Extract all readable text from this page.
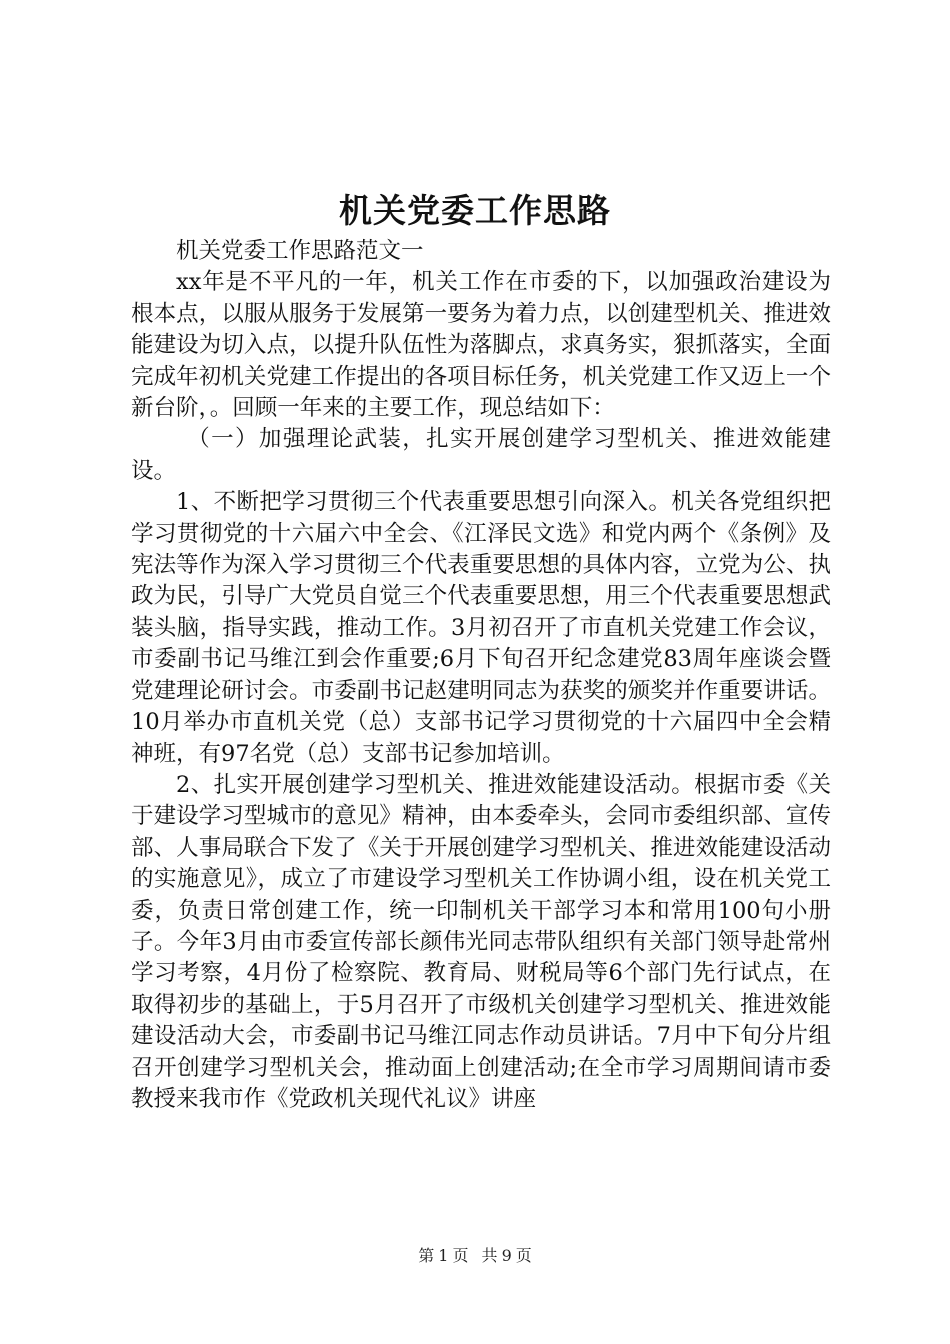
机关党委工作思路

机关党委工作思路范文一

xx年是不平凡的一年，机关工作在市委的下，以加强政治建设为根本点，以服从服务于发展第一要务为着力点，以创建型机关、推进效能建设为切入点，以提升队伍性为落脚点，求真务实，狠抓落实，全面完成年初机关党建工作提出的各项目标任务，机关党建工作又迈上一个新台阶，。回顾一年来的主要工作，现总结如下：

（一）加强理论武装，扎实开展创建学习型机关、推进效能建设。

1、不断把学习贯彻三个代表重要思想引向深入。机关各党组织把学习贯彻党的十六届六中全会、《江泽民文选》和党内两个《条例》及宪法等作为深入学习贯彻三个代表重要思想的具体内容，立党为公、执政为民，引导广大党员自觉三个代表重要思想，用三个代表重要思想武装头脑，指导实践，推动工作。3月初召开了市直机关党建工作会议，市委副书记马维江到会作重要;6月下旬召开纪念建党83周年座谈会暨党建理论研讨会。市委副书记赵建明同志为获奖的颁奖并作重要讲话。10月举办市直机关党（总）支部书记学习贯彻党的十六届四中全会精神班，有97名党（总）支部书记参加培训。

2、扎实开展创建学习型机关、推进效能建设活动。根据市委《关于建设学习型城市的意见》精神，由本委牵头，会同市委组织部、宣传部、人事局联合下发了《关于开展创建学习型机关、推进效能建设活动的实施意见》，成立了市建设学习型机关工作协调小组，设在机关党工委，负责日常创建工作，统一印制机关干部学习本和常用100句小册子。今年3月由市委宣传部长颜伟光同志带队组织有关部门领导赴常州学习考察，4月份了检察院、教育局、财税局等6个部门先行试点，在取得初步的基础上，于5月召开了市级机关创建学习型机关、推进效能建设活动大会，市委副书记马维江同志作动员讲话。7月中下旬分片组召开创建学习型机关会，推动面上创建活动;在全市学习周期间请市委教授来我市作《党政机关现代礼议》讲座

第 1 页 共 9 页
